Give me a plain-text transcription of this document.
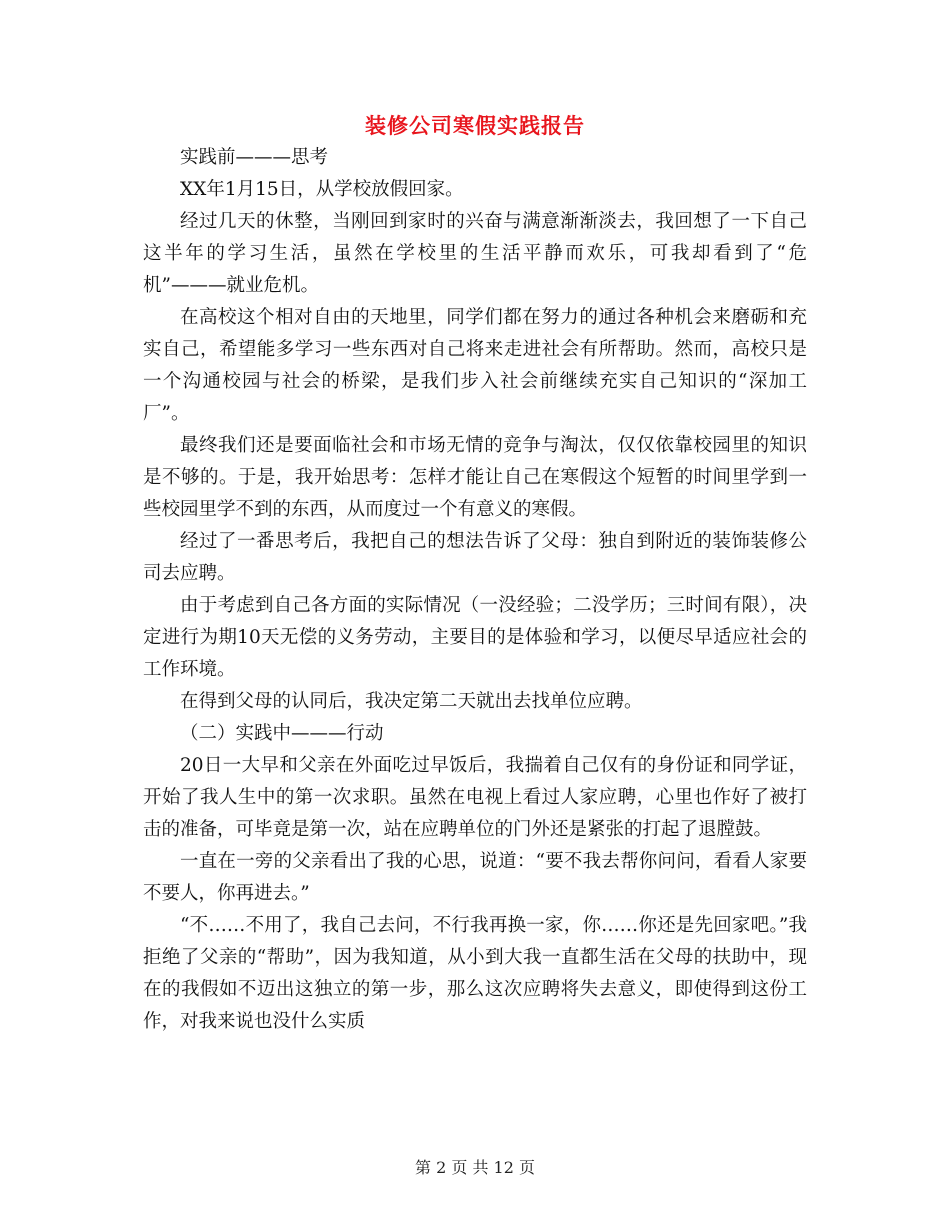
装修公司寒假实践报告

实践前———思考

XX年1月15日，从学校放假回家。

经过几天的休整，当刚回到家时的兴奋与满意渐渐淡去，我回想了一下自己这半年的学习生活，虽然在学校里的生活平静而欢乐，可我却看到了“危机”———就业危机。

在高校这个相对自由的天地里，同学们都在努力的通过各种机会来磨砺和充实自己，希望能多学习一些东西对自己将来走进社会有所帮助。然而，高校只是一个沟通校园与社会的桥梁，是我们步入社会前继续充实自己知识的“深加工厂”。

最终我们还是要面临社会和市场无情的竞争与淘汰，仅仅依靠校园里的知识是不够的。于是，我开始思考：怎样才能让自己在寒假这个短暂的时间里学到一些校园里学不到的东西，从而度过一个有意义的寒假。

经过了一番思考后，我把自己的想法告诉了父母：独自到附近的装饰装修公司去应聘。

由于考虑到自己各方面的实际情况（一没经验；二没学历；三时间有限），决定进行为期10天无偿的义务劳动，主要目的是体验和学习，以便尽早适应社会的工作环境。

在得到父母的认同后，我决定第二天就出去找单位应聘。

（二）实践中———行动

20日一大早和父亲在外面吃过早饭后，我揣着自己仅有的身份证和同学证，开始了我人生中的第一次求职。虽然在电视上看过人家应聘，心里也作好了被打击的准备，可毕竟是第一次，站在应聘单位的门外还是紧张的打起了退膛鼓。

一直在一旁的父亲看出了我的心思，说道：“要不我去帮你问问，看看人家要不要人，你再进去。”

“不……不用了，我自己去问，不行我再换一家，你……你还是先回家吧。”我拒绝了父亲的“帮助”，因为我知道，从小到大我一直都生活在父母的扶助中，现在的我假如不迈出这独立的第一步，那么这次应聘将失去意义，即使得到这份工作，对我来说也没什么实质

第 2 页 共 12 页
